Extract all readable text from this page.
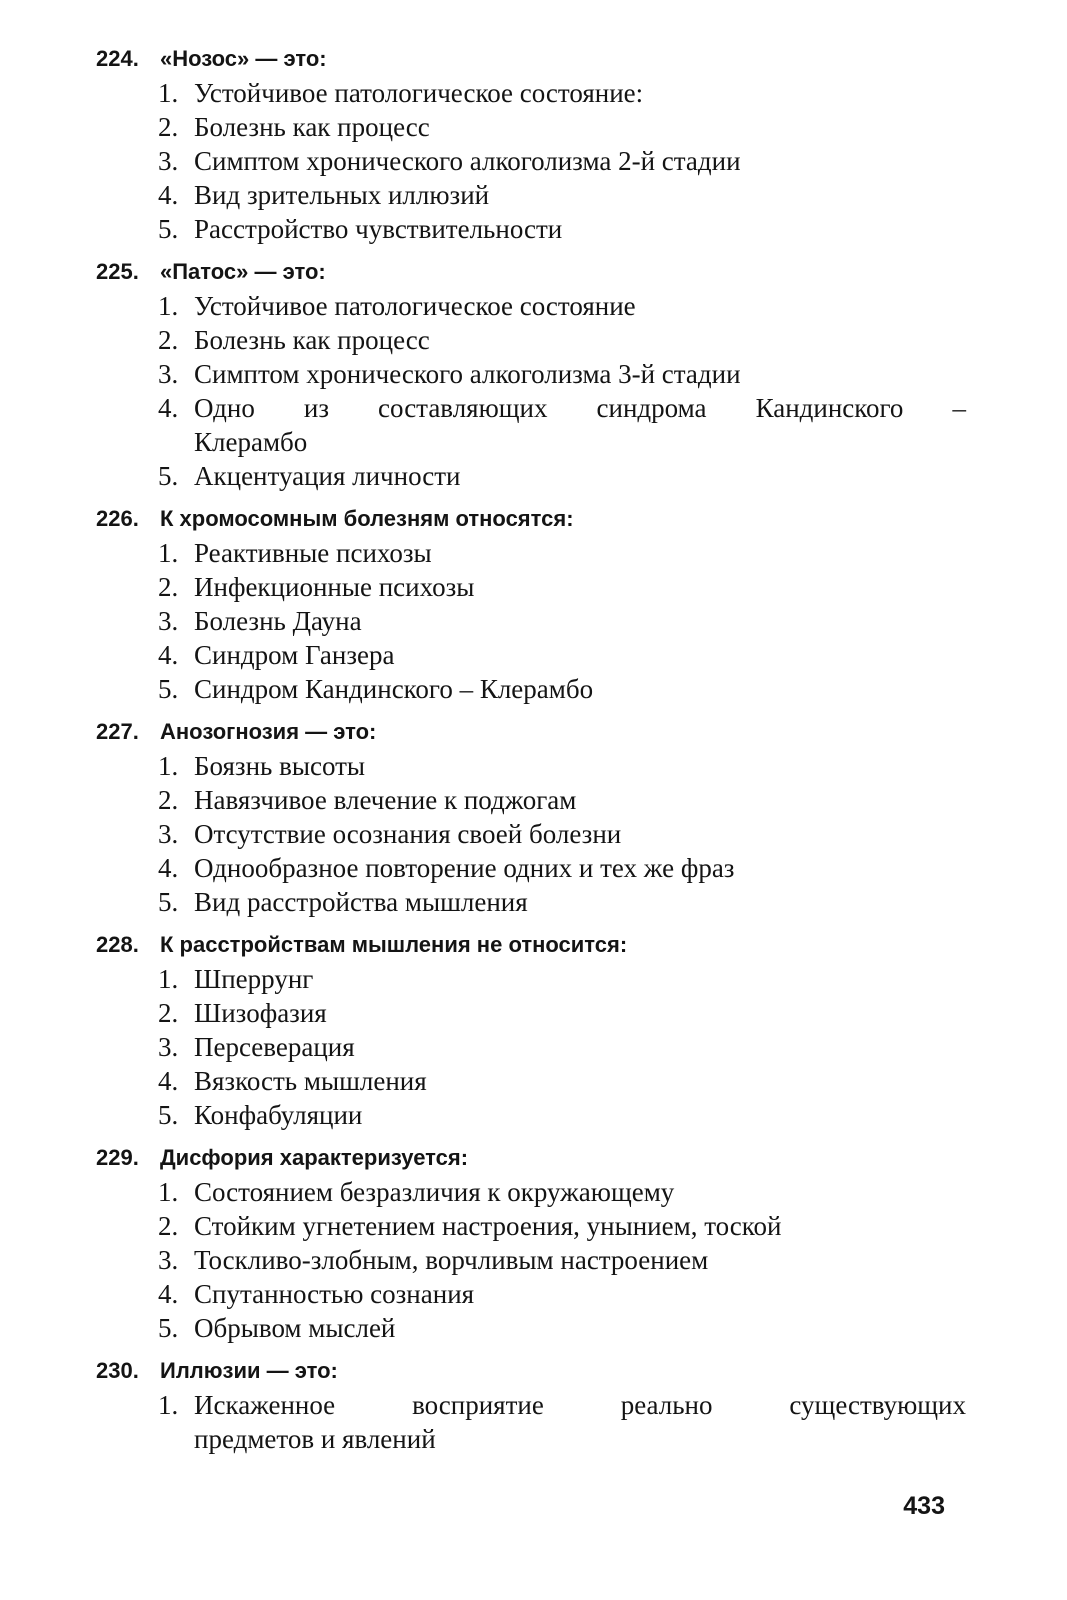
224. «Нозос» — это:
1. Устойчивое патологическое состояние:
2. Болезнь как процесс
3. Симптом хронического алкоголизма 2-й стадии
4. Вид зрительных иллюзий
5. Расстройство чувствительности
225. «Патос» — это:
1. Устойчивое патологическое состояние
2. Болезнь как процесс
3. Симптом хронического алкоголизма 3-й стадии
4. Одно из составляющих синдрома Кандинского –
Клерамбо
5. Акцентуация личности
226. К хромосомным болезням относятся:
1. Реактивные психозы
2. Инфекционные психозы
3. Болезнь Дауна
4. Синдром Ганзера
5. Синдром Кандинского – Клерамбо
227. Анозогнозия — это:
1. Боязнь высоты
2. Навязчивое влечение к поджогам
3. Отсутствие осознания своей болезни
4. Однообразное повторение одних и тех же фраз
5. Вид расстройства мышления
228. К расстройствам мышления не относится:
1. Шперрунг
2. Шизофазия
3. Персеверация
4. Вязкость мышления
5. Конфабуляции
229. Дисфория характеризуется:
1. Состоянием безразличия к окружающему
2. Стойким угнетением настроения, унынием, тоской
3. Тоскливо-злобным, ворчливым настроением
4. Спутанностью сознания
5. Обрывом мыслей
230. Иллюзии — это:
1. Искаженное восприятие реально существующих
предметов и явлений
433
